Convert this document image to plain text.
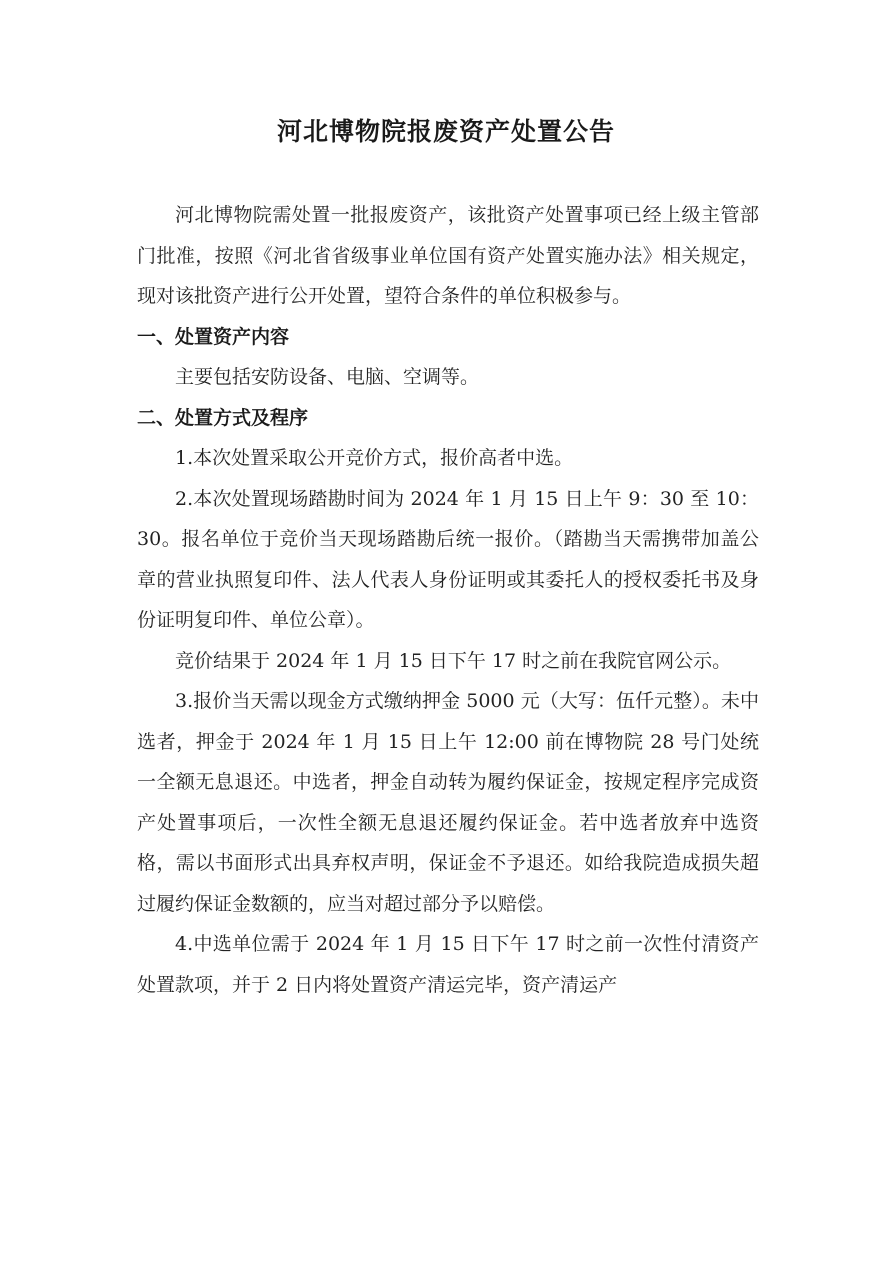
河北博物院报废资产处置公告

河北博物院需处置一批报废资产，该批资产处置事项已经上级主管部门批准，按照《河北省省级事业单位国有资产处置实施办法》相关规定，现对该批资产进行公开处置，望符合条件的单位积极参与。

一、处置资产内容

主要包括安防设备、电脑、空调等。

二、处置方式及程序

1.本次处置采取公开竞价方式，报价高者中选。

2.本次处置现场踏勘时间为 2024 年 1 月 15 日上午 9：30 至 10：30。报名单位于竞价当天现场踏勘后统一报价。（踏勘当天需携带加盖公章的营业执照复印件、法人代表人身份证明或其委托人的授权委托书及身份证明复印件、单位公章）。

竞价结果于 2024 年 1 月 15 日下午 17 时之前在我院官网公示。

3.报价当天需以现金方式缴纳押金 5000 元（大写：伍仟元整）。未中选者，押金于 2024 年 1 月 15 日上午 12:00 前在博物院 28 号门处统一全额无息退还。中选者，押金自动转为履约保证金，按规定程序完成资产处置事项后，一次性全额无息退还履约保证金。若中选者放弃中选资格，需以书面形式出具弃权声明，保证金不予退还。如给我院造成损失超过履约保证金数额的，应当对超过部分予以赔偿。

4.中选单位需于 2024 年 1 月 15 日下午 17 时之前一次性付清资产处置款项，并于 2 日内将处置资产清运完毕，资产清运产
